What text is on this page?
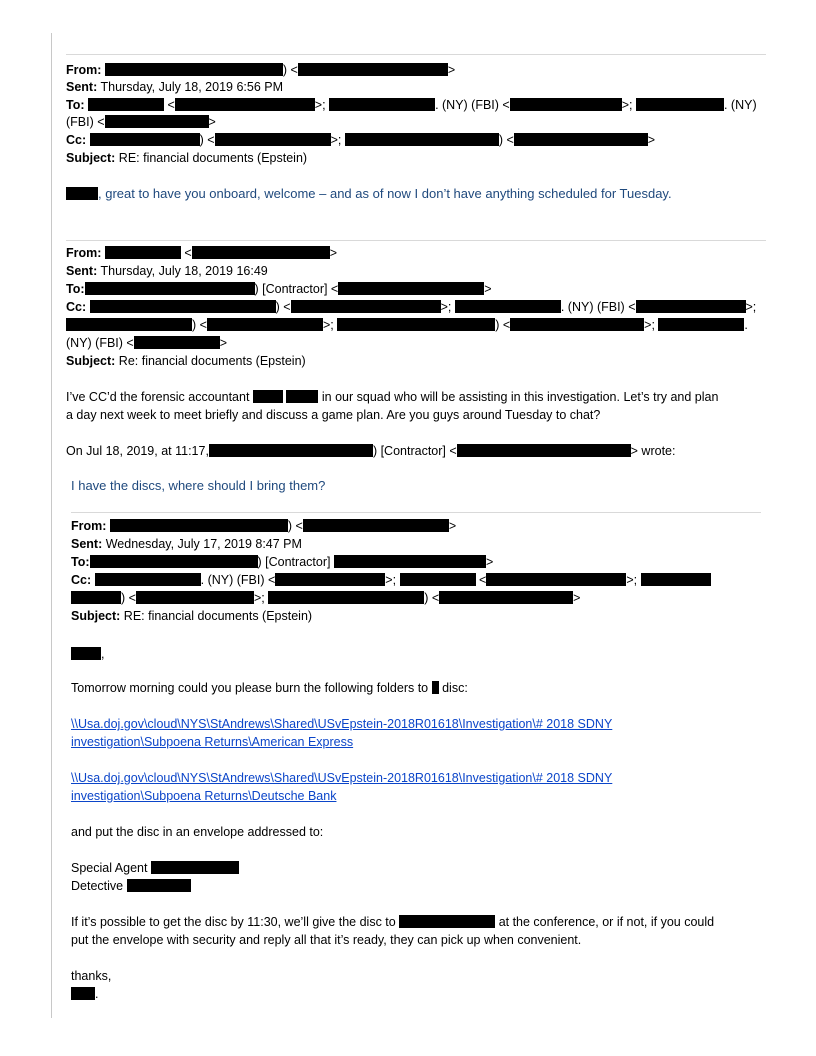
From:	) <	>
Sent: Thursday, July 18, 2019 6:56 PM
To:	<	>;	. (NY) (FBI) <	>;	. (NY)
(FBI) <	>
Cc:	) <	>;	) <	>
Subject: RE: financial documents (Epstein)
, great to have you onboard, welcome – and as of now I don’t have anything scheduled for Tuesday.
From:	<	>
Sent: Thursday, July 18, 2019 16:49
To:	) [Contractor] <	>
Cc:	) <	>;	. (NY) (FBI) <	>;
) <	>;	) <	>;	.
(NY) (FBI) <	>
Subject: Re: financial documents (Epstein)
I’ve CC’d the forensic accountant	in our squad who will be assisting in this investigation. Let’s try and plan
a day next week to meet briefly and discuss a game plan. Are you guys around Tuesday to chat?
On Jul 18, 2019, at 11:17,	) [Contractor] <	> wrote:
I have the discs, where should I bring them?
From:	) <	>
Sent: Wednesday, July 17, 2019 8:47 PM
To:	) [Contractor]	>
Cc:	. (NY) (FBI) <	>;	<	>;
) <	>;	) <	>
Subject: RE: financial documents (Epstein)
,
Tomorrow morning could you please burn the following folders to disc:
\\Usa.doj.gov\cloud\NYS\StAndrews\Shared\USvEpstein-2018R01618\Investigation\# 2018 SDNY
investigation\Subpoena Returns\American Express
\\Usa.doj.gov\cloud\NYS\StAndrews\Shared\USvEpstein-2018R01618\Investigation\# 2018 SDNY
investigation\Subpoena Returns\Deutsche Bank
and put the disc in an envelope addressed to:
Special Agent
Detective
If it’s possible to get the disc by 11:30, we’ll give the disc to	at the conference, or if not, if you could
put the envelope with security and reply all that it’s ready, they can pick up when convenient.
thanks,
.
